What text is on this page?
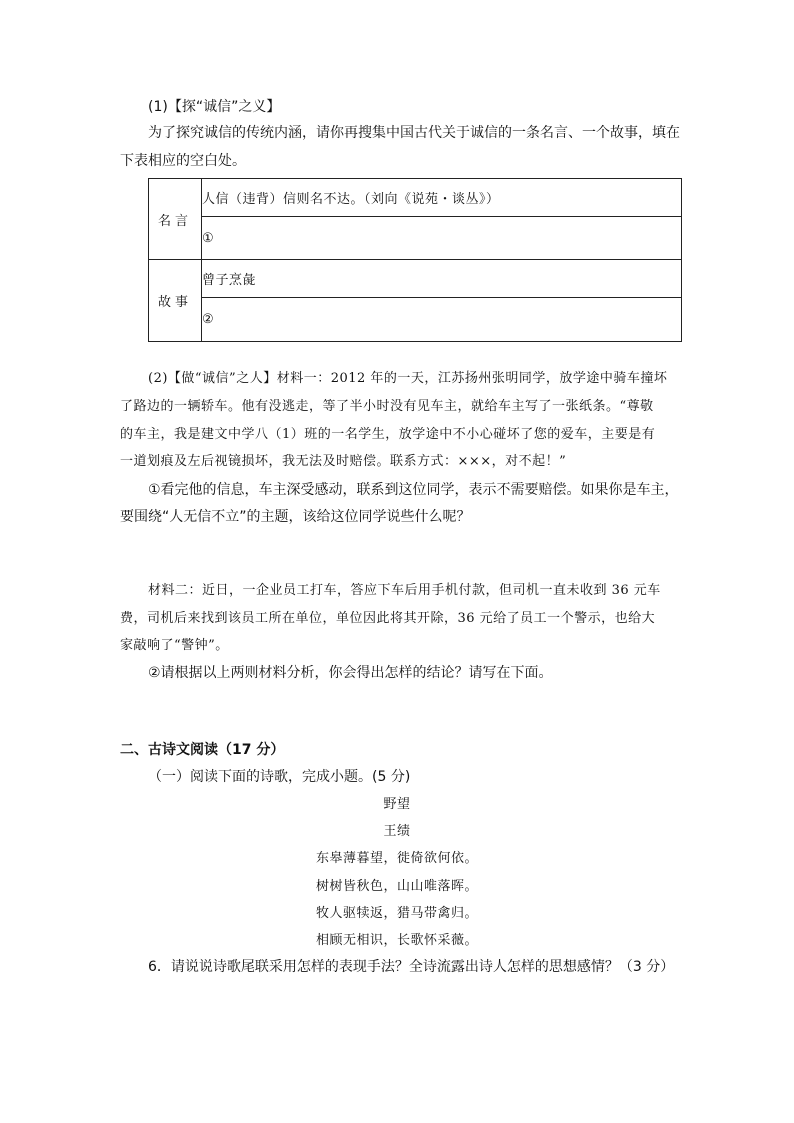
(1)【探“诚信”之义】
为了探究诚信的传统内涵，请你再搜集中国古代关于诚信的一条名言、一个故事，填在
下表相应的空白处。
名言	人信（违背）信则名不达。（刘向《说苑・谈丛》）
	①
故事	曾子烹彘
	②
(2)【做“诚信”之人】材料一：2012 年的一天，江苏扬州张明同学，放学途中骑车撞坏
了路边的一辆轿车。他有没逃走，等了半小时没有见车主，就给车主写了一张纸条。“尊敬
的车主，我是建文中学八（1）班的一名学生，放学途中不小心碰坏了您的爱车，主要是有
一道划痕及左后视镜损坏，我无法及时赔偿。联系方式：×××，对不起！”
①看完他的信息，车主深受感动，联系到这位同学，表示不需要赔偿。如果你是车主，
要围绕“人无信不立”的主题，该给这位同学说些什么呢？
材料二：近日，一企业员工打车，答应下车后用手机付款，但司机一直未收到 36 元车
费，司机后来找到该员工所在单位，单位因此将其开除，36 元给了员工一个警示，也给大
家敲响了“警钟”。
②请根据以上两则材料分析，你会得出怎样的结论？请写在下面。
二、古诗文阅读（17 分）
（一）阅读下面的诗歌，完成小题。(5 分)
野望
王绩
东皋薄暮望，徙倚欲何依。
树树皆秋色，山山唯落晖。
牧人驱犊返，猎马带禽归。
相顾无相识，长歌怀采薇。
6．请说说诗歌尾联采用怎样的表现手法？全诗流露出诗人怎样的思想感情？（3 分）
